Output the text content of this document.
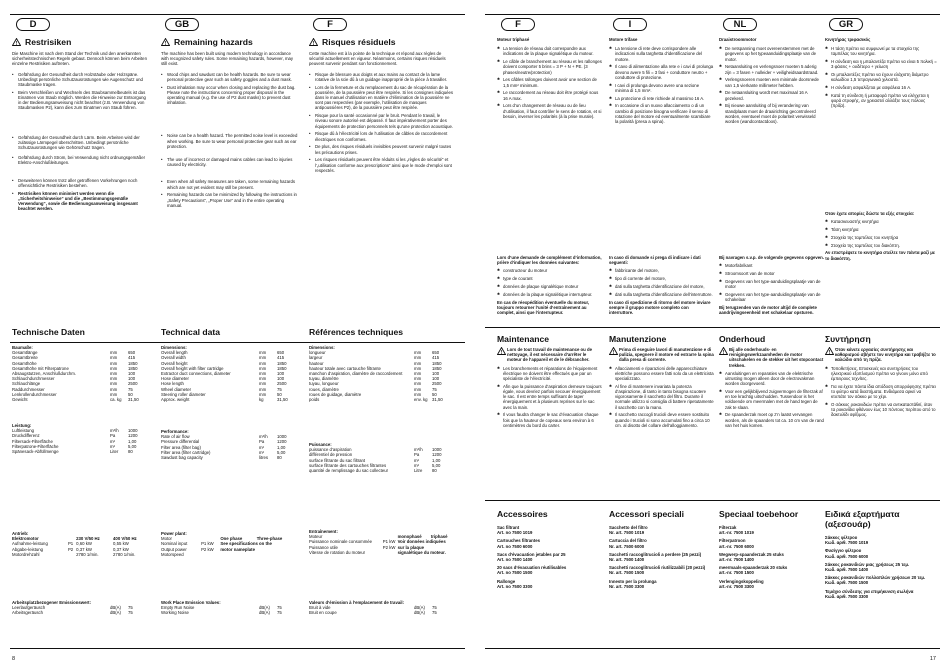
D
! Restrisiken

Die Maschine ist nach dem Stand der Technik und den anerkannten sicherheitstechnischen Regeln gebaut. Dennoch können beim Arbeiten einzelne Restrisiken auftreten.

• Gefährdung der Gesundheit durch Holzstäube oder Holzspäne. Unbedingt persönliche Schutzausrüstungen wie Augenschutz und Staubmaske tragen.
• Beim Verschleißen und Wechseln des Staubsammelbeutels ist das Einatmen von Staub möglich. Werden die Hinweise zur Entsorgung in der Bedienungsanweisung nicht beachtet (z.B. Verwendung von Staubmasken P2), kann dies zum Einatmen von Staub führen.
• Gefährdung der Gesundheit durch Lärm. Beim Arbeiten wird der zulässige Lärmpegel überschritten. Unbedingt persönliche Schutzausrüstungen wie Gehörschutz tragen.
• Gefährdung durch Strom, bei Verwendung nicht ordnungsgemäßer Elektro-Anschlußleitungen.
• Desweiteren können trotz aller getroffenen Vorkehrungen noch offensichtliche Restrisiken bestehen.
• Restrisiken können minimiert werden wenn die „Sicherheitshinweise“ und die „Bestimmungsgemäße Verwendung“, sowie die Bedienungsanweisung insgesamt beachtet werden.
Technische Daten
Baumaße:
Gesamtlänge	mm	650
Gesamtbreite	mm	415
Gesamthöhe	mm	1850
Gesamthöhe mit Filterpatrone	mm	1850
Absaugstutzen, Anschlußdurchm.	mm	100
Schlauchdurchmesser	mm	100
Schlauchlänge	mm	2500
Raddurchmesser	mm	75
Lenkrollendurchmesser	mm	50
Gewicht	ca. kg	31,50
Leistung:
Luftleistung	m³/h	1000
Druckdifferenz	Pa	1200
Filtersack-Filterfläche	m²	1,00
Filterpatrone-Filterfläche	m²	5,00
Spänesack-Abfüllmenge	Liter	80
Antrieb:
Elektromotor		230 V/50 Hz	400 V/50 Hz
Aufnahme-leistung	P1	0,60 kW	0,55 kW
Abgabe-leistung	P2	0,37 kW	0,37 kW
Motordrehzahl		2780 1/min.	2780 1/min.
Arbeitsplatzbezogener Emissionswert:
Leerlaufgeräusch	dB(A)	75
Arbeitsgeräusch	dB(A)	75
GB
! Remaining hazards

The machine has been built using modern technology in accordance with recognized safety rules. Some remaining hazards, however, may still exist.

• Wood chips and sawdust can be health hazards. Be sure to wear personal protective gear such as safety goggles and a dust mask.
• Dust inhalation may occur when closing and replacing the dust bag. Please note the instructions concerning proper disposal in the operating manual (e.g. the use of P2 dust masks) to prevent dust inhalation.
• Noise can be a health hazard. The permitted noise level is exceeded when working. Be sure to wear personal protective gear such as ear protection.
• The use of incorrect or damaged mains cables can lead to injuries caused by electricity.
• Even when all safety measures are taken, some remaining hazards which are not yet evident may still be present.
• Remaining hazards can be minimized by following the instructions in „Safety Precautions“, „Proper Use“ and in the entire operating manual.
Technical data
Dimensions:
Overall length	mm	650
Overall width	mm	415
Overall height	mm	1850
Overall height with filter cartridge	mm	1850
Extractor duct connections, diameter	mm	100
Hose diameter	mm	100
Hose length	mm	2500
Wheel diameter	mm	75
Steering roller diameter	mm	50
Approx. weight	kg	31,50
Performance:
Rate of air flow	m³/h	1000
Pressure differential	Pa	1200
Filter area (filter bag)	m²	1,00
Filter area (filter cartridge)	m²	5,00
Sawdust bag capacity	litres	80
Power plant:
Motor		One phase	Three-phase
Nominal input	P1 kW	See specifications on the	
Output power	P2 kW	motor nameplate	
Motorspeed			
Work Place Emission Values:
Empty Run Noise	dB(A)	75
Working Noise	dB(A)	75
F
! Risques résiduels

Cette machine est à la pointe de la technique et répond aux règles de sécurité actuellement en vigueur. Néanmoins, certains risques résiduels peuvent survenir pendant son fonctionnement.

• Risque de blessure aux doigts et aux mains au contact de la lame rotative de la scie dû à un guidage inapproprié de la pièce à travailler.
• Lors de la fermeture et du remplacement du sac de récupération de la poussière, de la poussière peut être respirée. Si les consignes indiquées dans le manuel d’utilisation en matière d’élimination de la poussière ne sont pas respectées (par exemple, l’utilisation de masques antipoussières P2), de la poussière peut être respirée.
• Risque pour la santé occasionné par le bruit. Pendant le travail, le niveau sonore autorisé est dépassé. Il faut impérativement porter des équipements de protection personnels tels qu’une protection acoustique.
• Risque dû à l’électricité lors de l’utilisation de câbles de raccordement électriques non conformes.
• De plus, des risques résiduels invisibles peuvent survenir malgré toutes les précautions prises.
• Les risques résiduels peuvent être réduits si les „règles de sécurité“ et l’„utilisation conforme aux prescriptions“ ainsi que le mode d’emploi sont respectés.
Références techniques
Dimensions:
longueur	mm	650
largeur	mm	415
hauteur	mm	1850
hauteur totale avec cartouche filtrante	mm	1850
manchon d’aspiration, diamètre de raccordement	mm	100
tuyau, diamètre	mm	100
tuyau, longueur	mm	2500
roues, diamètre	mm	75
roues de guidage, diamètre	mm	50
poids	env. kg	31,50
Puissance:
puissance d’aspiration	m³/h	1000
différentiel de pression	Pa	1200
surface filtrante du sac filtrant	m²	1,00
surface filtrante des cartouches filtrantes	m²	5,00
quantité de remplissage du sac collecteur	Litre	80
Entraînement:
Moteur		monophasé	triphasé
Puissance nominale consommée	P1 kW	Voir données indiquées	
Puissance utile	P2 kW	sur la plaque	
Vitesse de rotation du moteur		signalétique du moteur.	
Valeurs d’émission à l’emplacement de travail:
Bruit à vide	dB(A)	75
Bruit en coupe	dB(A)	75
8
F
Moteur triphasé
✱ La tension de réseau doit correspondre aux indications de la plaque signalétique du moteur.
✱ Le câble de branchement au réseau et les rallonges doivent comporter 5 brins = 3 P + N + PE. (3 phases/neutre/protection)
✱ Les câbles rallonges doivent avoir une section de 1,5 mm² minimum.
✱ Le raccordement au réseau doit être protégé sous 16 A max.
✱ Lors d’un changement de réseau ou de lieu d’utilisation, il faut contrôler le sens de rotation, et si besoin, inverser les polarités (à la prise murale).
Lors d’une demande de complément d’information, prière d’indiquer les données suivantes:
✱ constructeur du moteur
✱ type de courant
✱ données de plaque signalétique moteur
✱ données de la plaque signalétique interrupteur.
En cas de réexpédition éventuelle du moteur, toujours retourner l’unité d’entraînement au complet, ainsi que l’interrupteur.
Maintenance
!
Lors de tout travail de maintenance ou de nettoyage, il est nécessaire d’arrêter le moteur de l’appareil et de le débrancher.
✱ Les branchements et réparations de l’équipement électrique ne doivent être effectués que par un spécialiste de l’électricité.
✱ Afin que la puissance d’aspiration demeure toujours égale, vous devriez parfois secouer énergiquement le sac. Il est entre temps suffisant de taper énergiquement et à plusieurs reprises sur le sac avec la main.
✱ Il vous faudra changer le sac d’évacuation chaque fois que la hauteur de copeaux sera environ à 6 centimètres du bord du carter.
Accessoires
Sac filtrant
Art. no 7500 1019
Cartouches filtrantes
Art. no 7500 6000
Sacs d’évacuation jetables par 25
Art. no 7500 1400
20 sacs d’évacuation réutilisables
Art. no 7500 1500
Rallonge
Art. no 7500 3300
I
Motore trifase
✱ La tensione di rete deve corrispondere alle indicazioni sulla targhetta d’identificazione del motore.
✱ Il cavo di alimentazione alla rete e i cavi di prolunga devono avere 5 fili = 3 fasi + conduttore neutro + conduttore di protezione.
✱ I cavi di prolunga devono avere una sezione minima di 1,5 mm².
✱ La protezione di rete richiede al massimo 16 A.
✱ In occasione di un nuovo allacciamento o di un cambio di posizione bisogna verificare il senso di rotazione del motore ed eventualmente scambiare la polarità (presa a spina).
In caso di domande si prega di indicare i dati seguenti:
✱ fabbricante del motore,
✱ tipo di corrente del motore,
✱ dati sulla targhetta d’identificazione del motore,
✱ dati sulla targhetta d’identificazione dell’interruttore.
In caso di spedizione di ritorno del motore inviare sempre il gruppo motore completo con interruttore.
Manutenzione
!
Prima di eseguire lavori di manutenzione e di pulizia, spegnere il motore ed estrarre la spina dalla presa di corrente.
✱ Allacciamenti e riparazioni delle apparecchiature elettriche possono essere fatti solo da un elettricista specializzato.
✱ Al fine di mantenere invariata la potenza d’aspirazione, di tanto in tanto bisogna scuotere vigorosamente il sacchetto del filtro. Durante il normale utilizzo si consiglia di battere ripetutamente il sacchetto con la mano.
✱ Il sacchetto raccogli trucioli deve essere sostituito quando i trucioli si sono accumulati fino a circa 10 cm. al disotto del collare dell’alloggiamento.
Accessori speciali
Sacchetto del filtro
Nr. art. 7500 1019
Cartuccia del filtro
Nr. art. 7500 6000
Sacchetti raccoglitrucioli a perdere (25 pezzi)
Nr. art. 7500 1400
Sacchetti raccoglitrucioli riutilizzabili (20 pezzi)
Nr. art. 7500 1500
Innesto per la prolunga
Nr. art. 7500 3300
NL
Draaistroommotor
✱ De netspanning moet overeenstemmen met de gegevens op het typeaanduidingsplaatje van de motor.
✱ Netaansluiting en verlengsnoer moeten 5 aderig zijn = 3 fasen + nulleider + veiligheidsaardstraad.
✱ Verlengsnoeren moeten een minimale doorsnede van 1,5 vierkante millimeter hebben.
✱ De netaansluiting wordt met maximaal 16 A gezekerd.
✱ Bij nieuwe aansluiting of bij verandering van standplaats moet de draairichting gecontroleerd worden, eventueel moet de polariteit verwisseld worden (wandcontactdoos).
Bij navragen s.v.p. de volgende gegevens opgeven.
✱ Motorfabrikant
✱ Stroomsoort van de motor
✱ Gegevens van het type-aanduidingsplaatje van de motor
✱ Gegevens van het type-aanduidingsplaatje van de schakelaar
Bij terugzenden van de motor altijd de complete aandrijvingseenheid met schakelaar opsturen.
Onderhoud
!
Bij alle onderhouds- en reinigingswerkzaamheden de motor uitschakelen en de stekker uit het stopcontact trekken.
✱ Aansluitingen en reparaties van de elektrische uitrusting mogen alleen door de electrovakman worden doorgevoerd.
✱ Voor een gelijkblijvend zuigvermogen de filterzak af en toe krachtig uitschudden. Tussendoor is het voldoende om meermalen met de hand tegen de zak te slaan.
✱ De spaanderzak moet op z’n laatst vervangen worden, als de spaanders tot ca. 10 cm van de rand van het huis komen.
Speciaal toebehoor
Filterzak
art.-nr. 7500 1019
Filterpatroon
art.-nr. 7500 6000
Wegwerp-spaanderzak 25 stuks
art.-nr. 7500 1400
meermaals-spaanderzak 20 stuks
art.-nr. 7500 1500
Verlengingskoppeling
art.-nr. 7500 3300
GR
Κινητήρας τριφασικός
✱ Η τάση πρέπει να συμφωνεί με τα στοιχεία της ταμπέλας του κινητήρα.
✱ Η σύνδεση και η μπαλαντέζα πρέπει να είναι 5 πολική = 3 φάσεις + ουδέτερο + γείωση
✱ Οι μπαλαντέζες πρέπει να έχουν ελάχιστη διάμετρο καλωδίου 1,5 τετραγωνικά χιλιοστά.
✱ Η σύνδεση ασφαλίζεται με ασφάλεια 16 A.
✱ Κατά τη σύνδεση ή μεταφορά πρέπει να ελέγχεται η φορά στροφής, αν χρειαστεί αλλάξτε τους πόλους (πρίζα).
Όταν έχετε απορίες δώστε τα εξής στοιχεία:
✱ Κατασκευαστής κινητήρα
✱ Τάση κινητήρα
✱ Στοιχεία της ταμπέλας του κινητήρα
✱ Στοιχεία της ταμπέλας του διακόπτη.
Αν επιστρέψετε το κινητήρα στείλτε τον πάντα μαζί με το διακόπτη.
Συντήρηση
!
Όταν κάνετε εργασίες συντήρησης και καθαρισμού σβήστε τον κινητήρα και τραβήξτε το καλώδιο από τη πρίζα.
✱ Τοποθετήσεις, Επισκευές και συντηρήσεις του ηλεκτρικού εξοπλισμού πρέπει να γίνουν μόνο από έμπειρους τεχνίτες.
✱ Για να έχετε πάντα ίδια απόδοση απορρόφησης πρέπει το φιλτρο κατά διαστήματα. Ενδιάμεσα αρκεί να κτυπάτε τον σάκκο με το χέρι.
✱ Ο σάκκος ροκανιδιών πρέπει να αντικαταστάθεί, όταν τα ροκανίδια φθάνουν έως 10 πόντους περίπου από το δακτυλίδι σφίξιμος.
Ειδικά εξαρτήματα (αξεσουάρ)
Σάκκος φίλτρου
Κωδ. αριθ. 7500 1019
Φυσίγγιο φίλτρου
Κωδ. αριθ. 7500 6000
Σάκκος ροκανιδιών μιας χρήσεως 25 τεμ.
Κωδ. αριθ. 7500 1400
Σάκκος ροκανιδιών πολλαπλών χρήσεων 20 τεμ.
Κωδ. αριθ. 7500 1500
Τεμάχιο σύνδεσης για επιμήκυνση σωλήνα
Κωδ. αριθ. 7500 3300
17
